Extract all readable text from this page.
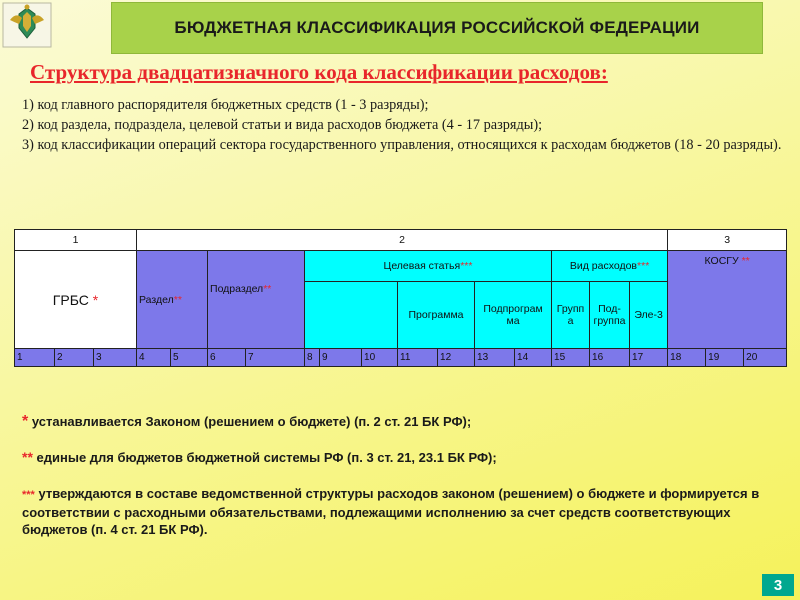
БЮДЖЕТНАЯ КЛАССИФИКАЦИЯ РОССИЙСКОЙ ФЕДЕРАЦИИ
Структура двадцатизначного кода классификации расходов:
1) код главного распорядителя бюджетных средств (1 - 3 разряды);
2) код раздела, подраздела, целевой статьи и вида расходов бюджета (4 - 17 разряды);
3) код классификации операций сектора государственного управления, относящихся к расходам бюджетов (18 - 20 разряды).
1			2														3		
ГРБС *			Раздел**		Подраздел**		Целевая статья***							Вид расходов***			КОСГУ **		
										Программа		Подпрограм ма		Групп а	Под-группа	Эле-3			
1	2	3	4	5	6	7	8	9	10	11	12	13	14	15	16	17	18	19	20

* устанавливается Законом (решением о бюджете) (п. 2 ст. 21 БК РФ);

** единые для бюджетов бюджетной системы РФ (п. 3 ст. 21, 23.1 БК РФ);

*** утверждаются в составе ведомственной структуры расходов законом (решением) о бюджете и формируется в соответствии с расходными обязательствами, подлежащими исполнению за счет средств соответствующих бюджетов (п. 4 ст. 21 БК РФ).

3
